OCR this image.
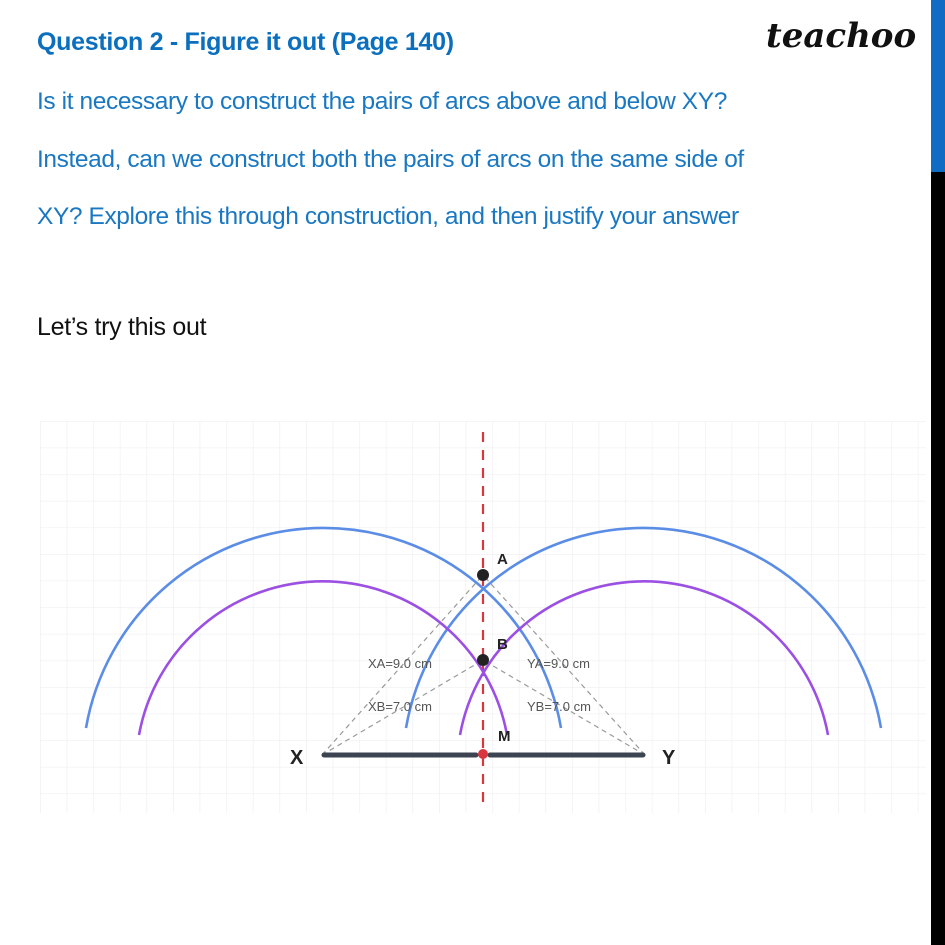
Question 2 - Figure it out (Page 140)	teachoo
Is it necessary to construct the pairs of arcs above and below XY?
Instead, can we construct both the pairs of arcs on the same side of
XY? Explore this through construction, and then justify your answer
Let’s try this out
X	Y
A
B
M
XA=9.0 cm
XB=7.0 cm
YA=9.0 cm
YB=7.0 cm
